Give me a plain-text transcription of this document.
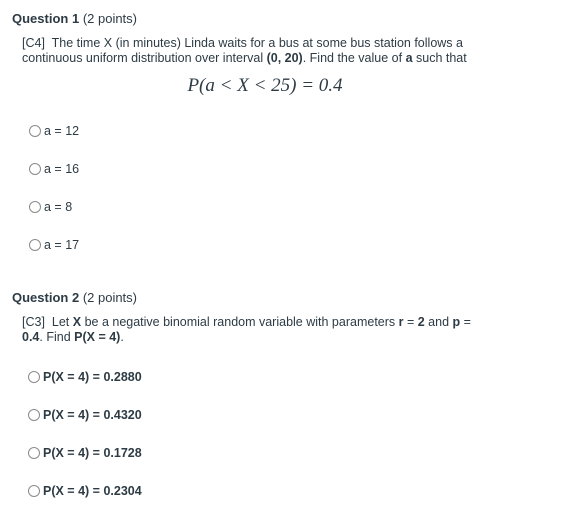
Question 1 (2 points)
[C4] The time X (in minutes) Linda waits for a bus at some bus station follows a
continuous uniform distribution over interval (0, 20). Find the value of a such that
P(a < X < 25) = 0.4
a = 12
a = 16
a = 8
a = 17
Question 2 (2 points)
[C3] Let X be a negative binomial random variable with parameters r = 2 and p =
0.4. Find P(X = 4).
P(X = 4) = 0.2880
P(X = 4) = 0.4320
P(X = 4) = 0.1728
P(X = 4) = 0.2304
